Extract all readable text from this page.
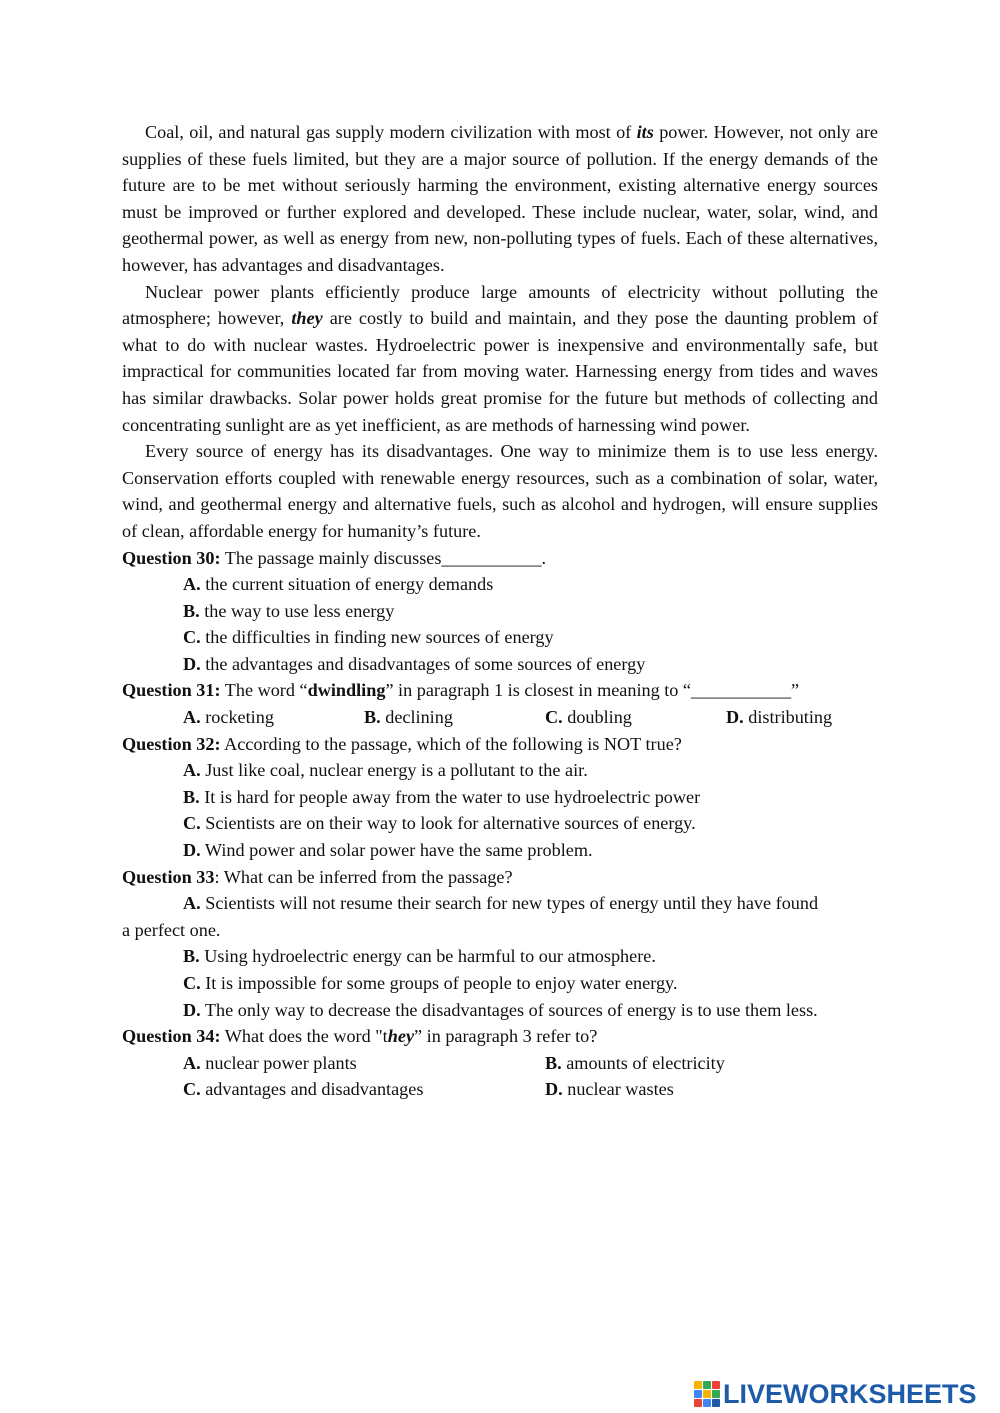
Coal, oil, and natural gas supply modern civilization with most of its power. However, not only are supplies of these fuels limited, but they are a major source of pollution. If the energy demands of the future are to be met without seriously harming the environment, existing alternative energy sources must be improved or further explored and developed. These include nuclear, water, solar, wind, and geothermal power, as well as energy from new, non-polluting types of fuels. Each of these alternatives, however, has advantages and disadvantages.

Nuclear power plants efficiently produce large amounts of electricity without polluting the atmosphere; however, they are costly to build and maintain, and they pose the daunting problem of what to do with nuclear wastes. Hydroelectric power is inexpensive and environmentally safe, but impractical for communities located far from moving water. Harnessing energy from tides and waves has similar drawbacks. Solar power holds great promise for the future but methods of collecting and concentrating sunlight are as yet inefficient, as are methods of harnessing wind power.

Every source of energy has its disadvantages. One way to minimize them is to use less energy. Conservation efforts coupled with renewable energy resources, such as a combination of solar, water, wind, and geothermal energy and alternative fuels, such as alcohol and hydrogen, will ensure supplies of clean, affordable energy for humanity’s future.

Question 30: The passage mainly discusses___________.

A. the current situation of energy demands

B. the way to use less energy

C. the difficulties in finding new sources of energy

D. the advantages and disadvantages of some sources of energy

Question 31: The word “dwindling” in paragraph 1 is closest in meaning to “___________”

A. rocketing	B. declining	C. doubling	D. distributing

Question 32: According to the passage, which of the following is NOT true?

A. Just like coal, nuclear energy is a pollutant to the air.

B. It is hard for people away from the water to use hydroelectric power

C. Scientists are on their way to look for alternative sources of energy.

D. Wind power and solar power have the same problem.

Question 33: What can be inferred from the passage?

A. Scientists will not resume their search for new types of energy until they have found

a perfect one.

B. Using hydroelectric energy can be harmful to our atmosphere.

C. It is impossible for some groups of people to enjoy water energy.

D. The only way to decrease the disadvantages of sources of energy is to use them less.

Question 34: What does the word "they” in paragraph 3 refer to?

A. nuclear power plants	B. amounts of electricity
C. advantages and disadvantages	D. nuclear wastes
LIVEWORKSHEETS
